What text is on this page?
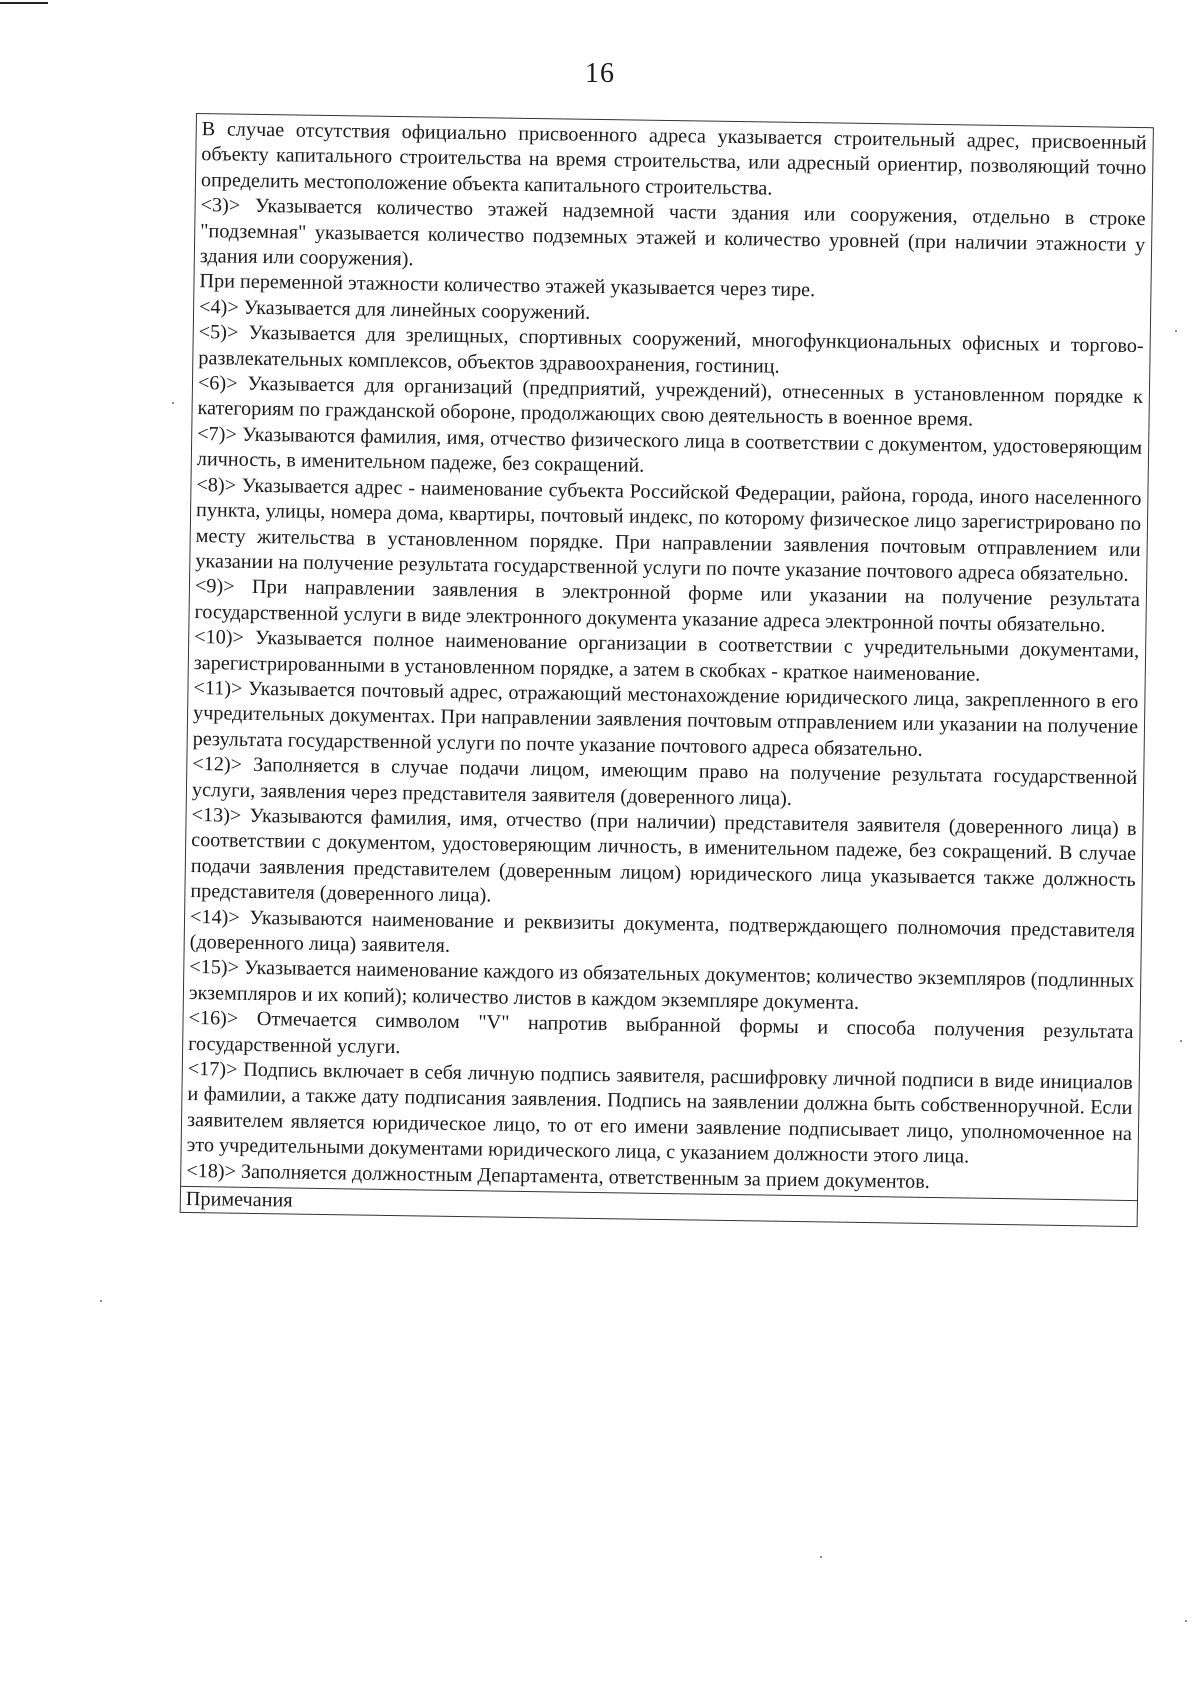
16

В случае отсутствия официально присвоенного адреса указывается строительный адрес, присвоенный объекту капитального строительства на время строительства, или адресный ориентир, позволяющий точно определить местоположение объекта капитального строительства.

<3)> Указывается количество этажей надземной части здания или сооружения, отдельно в строке "подземная" указывается количество подземных этажей и количество уровней (при наличии этажности у здания или сооружения).

При переменной этажности количество этажей указывается через тире.

<4)> Указывается для линейных сооружений.

<5)> Указывается для зрелищных, спортивных сооружений, многофункциональных офисных и торгово-развлекательных комплексов, объектов здравоохранения, гостиниц.

<6)> Указывается для организаций (предприятий, учреждений), отнесенных в установленном порядке к категориям по гражданской обороне, продолжающих свою деятельность в военное время.

<7)> Указываются фамилия, имя, отчество физического лица в соответствии с документом, удостоверяющим личность, в именительном падеже, без сокращений.

<8)> Указывается адрес - наименование субъекта Российской Федерации, района, города, иного населенного пункта, улицы, номера дома, квартиры, почтовый индекс, по которому физическое лицо зарегистрировано по месту жительства в установленном порядке. При направлении заявления почтовым отправлением или указании на получение результата государственной услуги по почте указание почтового адреса обязательно.

<9)> При направлении заявления в электронной форме или указании на получение результата государственной услуги в виде электронного документа указание адреса электронной почты обязательно.

<10)> Указывается полное наименование организации в соответствии с учредительными документами, зарегистрированными в установленном порядке, а затем в скобках - краткое наименование.

<11)> Указывается почтовый адрес, отражающий местонахождение юридического лица, закрепленного в его учредительных документах. При направлении заявления почтовым отправлением или указании на получение результата государственной услуги по почте указание почтового адреса обязательно.

<12)> Заполняется в случае подачи лицом, имеющим право на получение результата государственной услуги, заявления через представителя заявителя (доверенного лица).

<13)> Указываются фамилия, имя, отчество (при наличии) представителя заявителя (доверенного лица) в соответствии с документом, удостоверяющим личность, в именительном падеже, без сокращений. В случае подачи заявления представителем (доверенным лицом) юридического лица указывается также должность представителя (доверенного лица).

<14)> Указываются наименование и реквизиты документа, подтверждающего полномочия представителя (доверенного лица) заявителя.

<15)> Указывается наименование каждого из обязательных документов; количество экземпляров (подлинных экземпляров и их копий); количество листов в каждом экземпляре документа.

<16)> Отмечается символом "V" напротив выбранной формы и способа получения результата государственной услуги.

<17)> Подпись включает в себя личную подпись заявителя, расшифровку личной подписи в виде инициалов и фамилии, а также дату подписания заявления. Подпись на заявлении должна быть собственноручной. Если заявителем является юридическое лицо, то от его имени заявление подписывает лицо, уполномоченное на это учредительными документами юридического лица, с указанием должности этого лица.

<18)> Заполняется должностным Департамента, ответственным за прием документов.

Примечания
